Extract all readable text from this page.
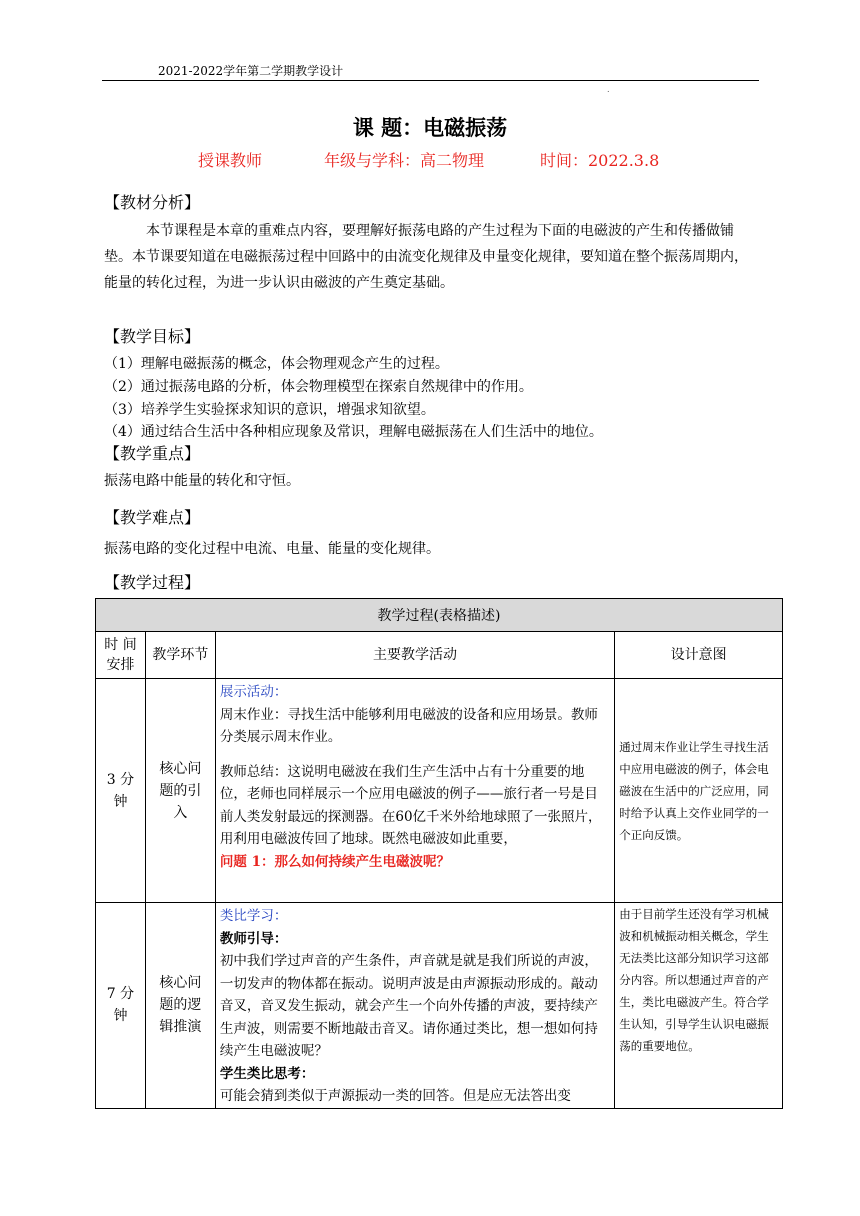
2021-2022学年第二学期教学设计
.
课 题：电磁振荡
授课教师	年级与学科：高二物理	时间：2022.3.8
【教材分析】
本节课程是本章的重难点内容，要理解好振荡电路的产生过程为下面的电磁波的产生和传播做铺垫。本节课要知道在电磁振荡过程中回路中的由流变化规律及申量变化规律，要知道在整个振荡周期内，能量的转化过程，为进一步认识由磁波的产生奠定基础。
【教学目标】
（1）理解电磁振荡的概念，体会物理观念产生的过程。
（2）通过振荡电路的分析，体会物理模型在探索自然规律中的作用。
（3）培养学生实验探求知识的意识，增强求知欲望。
（4）通过结合生活中各种相应现象及常识，理解电磁振荡在人们生活中的地位。
【教学重点】
振荡电路中能量的转化和守恒。
【教学难点】
振荡电路的变化过程中电流、电量、能量的变化规律。
【教学过程】
教学过程(表格描述)			
时 间 安排	教学环节	主要教学活动	设计意图
3 分钟	核心问题的引入	展示活动：
周末作业：寻找生活中能够利用电磁波的设备和应用场景。教师分类展示周末作业。
教师总结：这说明电磁波在我们生产生活中占有十分重要的地位，老师也同样展示一个应用电磁波的例子——旅行者一号是目前人类发射最远的探测器。在60亿千米外给地球照了一张照片，用利用电磁波传回了地球。既然电磁波如此重要，
问题 1：那么如何持续产生电磁波呢？	通过周末作业让学生寻找生活中应用电磁波的例子，体会电磁波在生活中的广泛应用，同时给予认真上交作业同学的一个正向反馈。
7 分钟	核心问题的逻辑推演	类比学习：
教师引导：
初中我们学过声音的产生条件，声音就是就是我们所说的声波，一切发声的物体都在振动。说明声波是由声源振动形成的。敲动音叉，音叉发生振动，就会产生一个向外传播的声波，要持续产生声波，则需要不断地敲击音叉。请你通过类比，想一想如何持续产生电磁波呢？
学生类比思考：
可能会猜到类似于声源振动一类的回答。但是应无法答出变	由于目前学生还没有学习机械波和机械振动相关概念，学生无法类比这部分知识学习这部分内容。所以想通过声音的产生，类比电磁波产生。符合学生认知，引导学生认识电磁振荡的重要地位。
